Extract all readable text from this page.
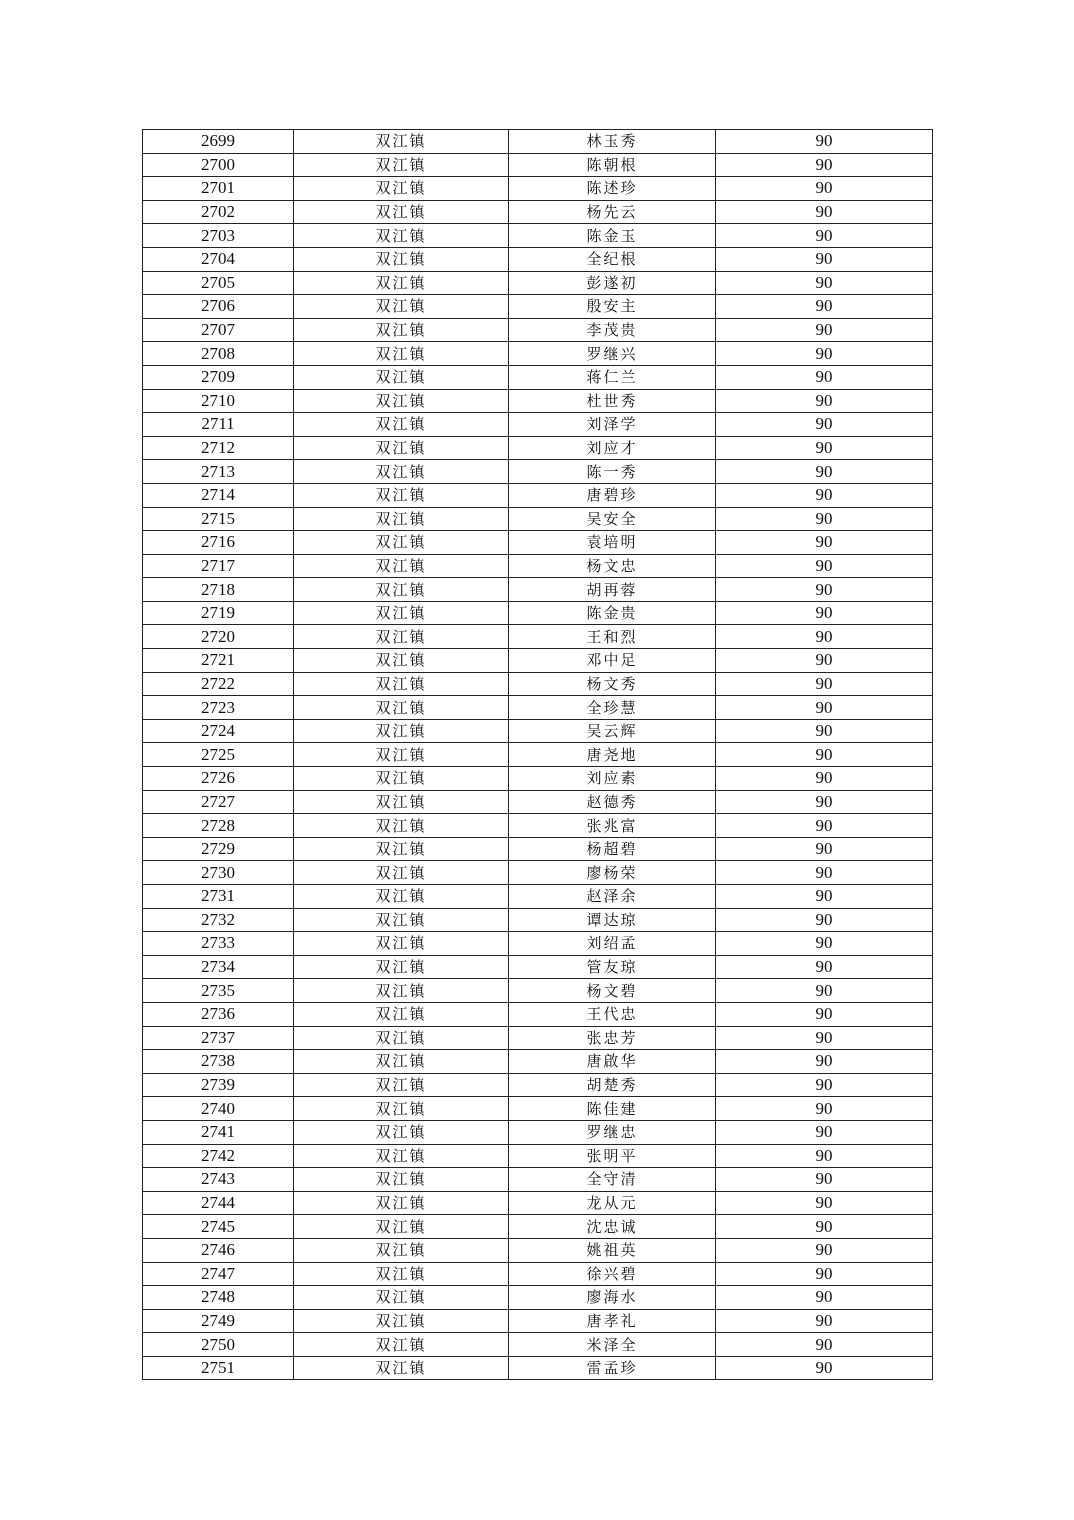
2699	双江镇	林玉秀	90
2700	双江镇	陈朝根	90
2701	双江镇	陈述珍	90
2702	双江镇	杨先云	90
2703	双江镇	陈金玉	90
2704	双江镇	全纪根	90
2705	双江镇	彭遂初	90
2706	双江镇	殷安主	90
2707	双江镇	李茂贵	90
2708	双江镇	罗继兴	90
2709	双江镇	蒋仁兰	90
2710	双江镇	杜世秀	90
2711	双江镇	刘泽学	90
2712	双江镇	刘应才	90
2713	双江镇	陈一秀	90
2714	双江镇	唐碧珍	90
2715	双江镇	吴安全	90
2716	双江镇	袁培明	90
2717	双江镇	杨文忠	90
2718	双江镇	胡再蓉	90
2719	双江镇	陈金贵	90
2720	双江镇	王和烈	90
2721	双江镇	邓中足	90
2722	双江镇	杨文秀	90
2723	双江镇	全珍慧	90
2724	双江镇	吴云辉	90
2725	双江镇	唐尧地	90
2726	双江镇	刘应素	90
2727	双江镇	赵德秀	90
2728	双江镇	张兆富	90
2729	双江镇	杨超碧	90
2730	双江镇	廖杨荣	90
2731	双江镇	赵泽余	90
2732	双江镇	谭达琼	90
2733	双江镇	刘绍孟	90
2734	双江镇	管友琼	90
2735	双江镇	杨文碧	90
2736	双江镇	王代忠	90
2737	双江镇	张忠芳	90
2738	双江镇	唐啟华	90
2739	双江镇	胡楚秀	90
2740	双江镇	陈佳建	90
2741	双江镇	罗继忠	90
2742	双江镇	张明平	90
2743	双江镇	全守清	90
2744	双江镇	龙从元	90
2745	双江镇	沈忠诚	90
2746	双江镇	姚祖英	90
2747	双江镇	徐兴碧	90
2748	双江镇	廖海水	90
2749	双江镇	唐孝礼	90
2750	双江镇	米泽全	90
2751	双江镇	雷孟珍	90
